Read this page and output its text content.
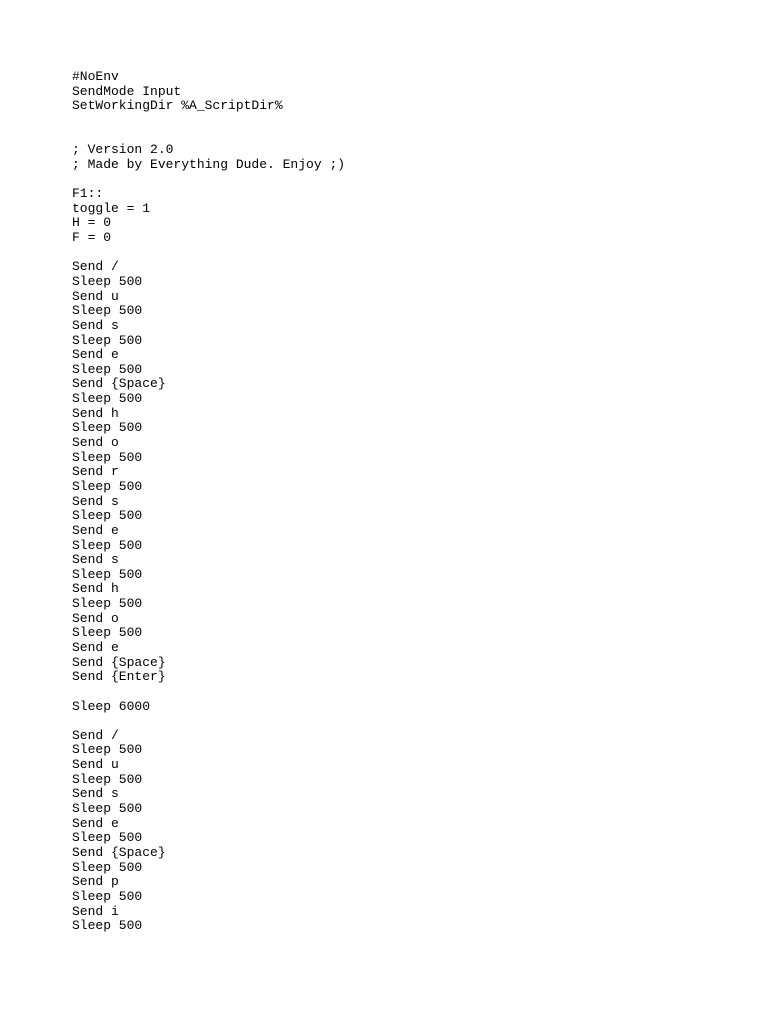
#NoEnv
SendMode Input
SetWorkingDir %A_ScriptDir%
; Version 2.0
; Made by Everything Dude. Enjoy ;)
F1::
toggle = 1
H = 0
F = 0
Send /
Sleep 500
Send u
Sleep 500
Send s
Sleep 500
Send e
Sleep 500
Send {Space}
Sleep 500
Send h
Sleep 500
Send o
Sleep 500
Send r
Sleep 500
Send s
Sleep 500
Send e
Sleep 500
Send s
Sleep 500
Send h
Sleep 500
Send o
Sleep 500
Send e
Send {Space}
Send {Enter}
Sleep 6000
Send /
Sleep 500
Send u
Sleep 500
Send s
Sleep 500
Send e
Sleep 500
Send {Space}
Sleep 500
Send p
Sleep 500
Send i
Sleep 500
